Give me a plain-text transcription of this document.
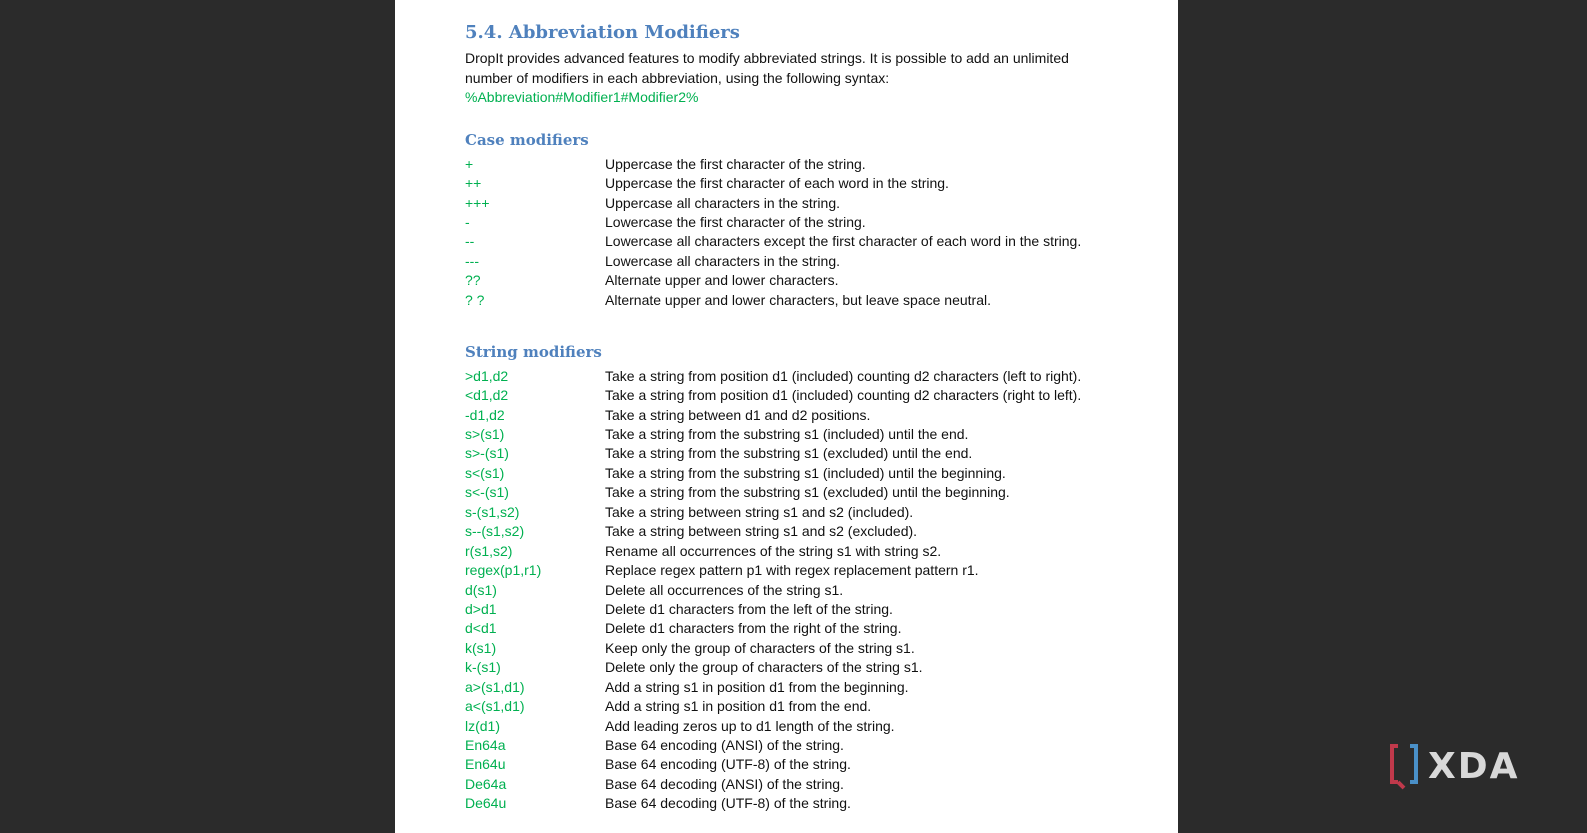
5.4. Abbreviation Modifiers
DropIt provides advanced features to modify abbreviated strings. It is possible to add an unlimited number of modifiers in each abbreviation, using the following syntax:
%Abbreviation#Modifier1#Modifier2%
Case modifiers
+	Uppercase the first character of the string.
++	Uppercase the first character of each word in the string.
+++	Uppercase all characters in the string.
-	Lowercase the first character of the string.
--	Lowercase all characters except the first character of each word in the string.
---	Lowercase all characters in the string.
??	Alternate upper and lower characters.
? ?	Alternate upper and lower characters, but leave space neutral.
String modifiers
>d1,d2	Take a string from position d1 (included) counting d2 characters (left to right).
<d1,d2	Take a string from position d1 (included) counting d2 characters (right to left).
-d1,d2	Take a string between d1 and d2 positions.
s>(s1)	Take a string from the substring s1 (included) until the end.
s>-(s1)	Take a string from the substring s1 (excluded) until the end.
s<(s1)	Take a string from the substring s1 (included) until the beginning.
s<-(s1)	Take a string from the substring s1 (excluded) until the beginning.
s-(s1,s2)	Take a string between string s1 and s2 (included).
s--(s1,s2)	Take a string between string s1 and s2 (excluded).
r(s1,s2)	Rename all occurrences of the string s1 with string s2.
regex(p1,r1)	Replace regex pattern p1 with regex replacement pattern r1.
d(s1)	Delete all occurrences of the string s1.
d>d1	Delete d1 characters from the left of the string.
d<d1	Delete d1 characters from the right of the string.
k(s1)	Keep only the group of characters of the string s1.
k-(s1)	Delete only the group of characters of the string s1.
a>(s1,d1)	Add a string s1 in position d1 from the beginning.
a<(s1,d1)	Add a string s1 in position d1 from the end.
lz(d1)	Add leading zeros up to d1 length of the string.
En64a	Base 64 encoding (ANSI) of the string.
En64u	Base 64 encoding (UTF-8) of the string.
De64a	Base 64 decoding (ANSI) of the string.
De64u	Base 64 decoding (UTF-8) of the string.
XDA
